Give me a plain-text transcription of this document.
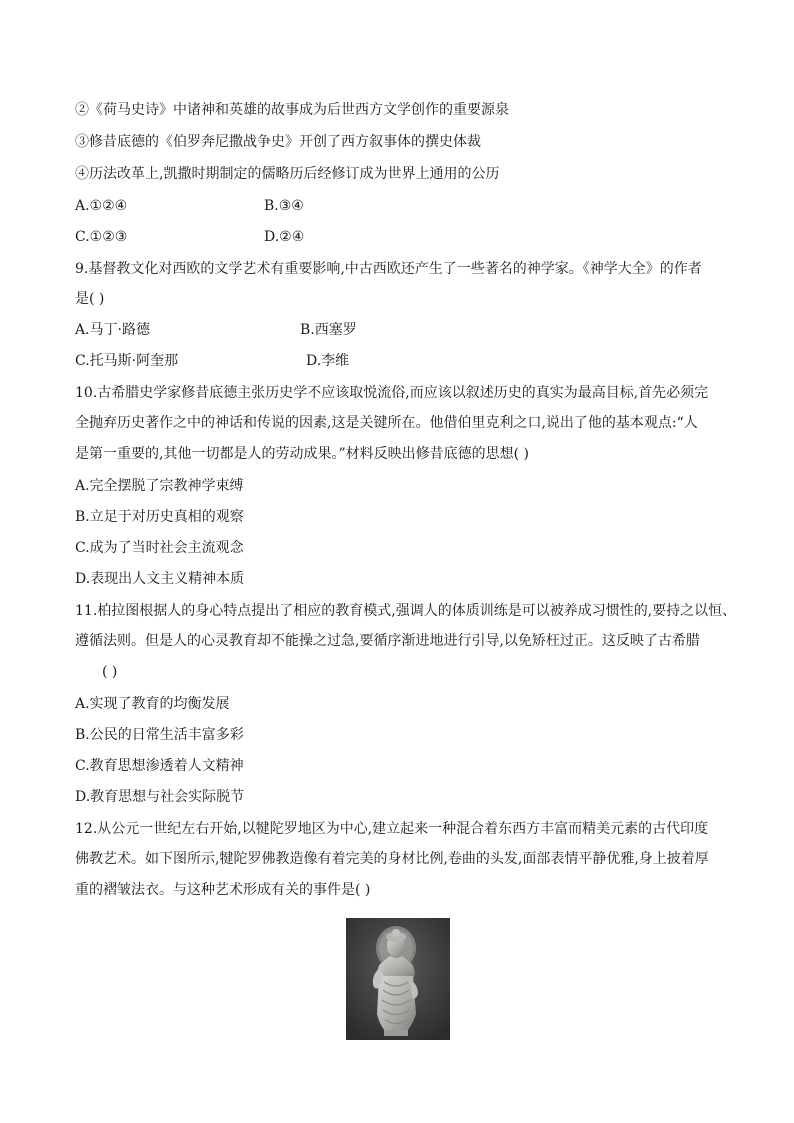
②《荷马史诗》中诸神和英雄的故事成为后世西方文学创作的重要源泉
③修昔底德的《伯罗奔尼撒战争史》开创了西方叙事体的撰史体裁
④历法改革上,凯撒时期制定的儒略历后经修订成为世界上通用的公历
A.①②④	B.③④
C.①②③	D.②④
9.基督教文化对西欧的文学艺术有重要影响,中古西欧还产生了一些著名的神学家。《神学大全》的作者
是( )
A.马丁·路德	B.西塞罗
C.托马斯·阿奎那	D.李维
10.古希腊史学家修昔底德主张历史学不应该取悦流俗,而应该以叙述历史的真实为最高目标,首先必须完
全抛弃历史著作之中的神话和传说的因素,这是关键所在。他借伯里克利之口,说出了他的基本观点:“人
是第一重要的,其他一切都是人的劳动成果。”材料反映出修昔底德的思想( )
A.完全摆脱了宗教神学束缚
B.立足于对历史真相的观察
C.成为了当时社会主流观念
D.表现出人文主义精神本质
11.柏拉图根据人的身心特点提出了相应的教育模式,强调人的体质训练是可以被养成习惯性的,要持之以恒、
遵循法则。但是人的心灵教育却不能操之过急,要循序渐进地进行引导,以免矫枉过正。这反映了古希腊
( )
A.实现了教育的均衡发展
B.公民的日常生活丰富多彩
C.教育思想渗透着人文精神
D.教育思想与社会实际脱节
12.从公元一世纪左右开始,以犍陀罗地区为中心,建立起来一种混合着东西方丰富而精美元素的古代印度
佛教艺术。如下图所示,犍陀罗佛教造像有着完美的身材比例,卷曲的头发,面部表情平静优雅,身上披着厚
重的褶皱法衣。与这种艺术形成有关的事件是( )
